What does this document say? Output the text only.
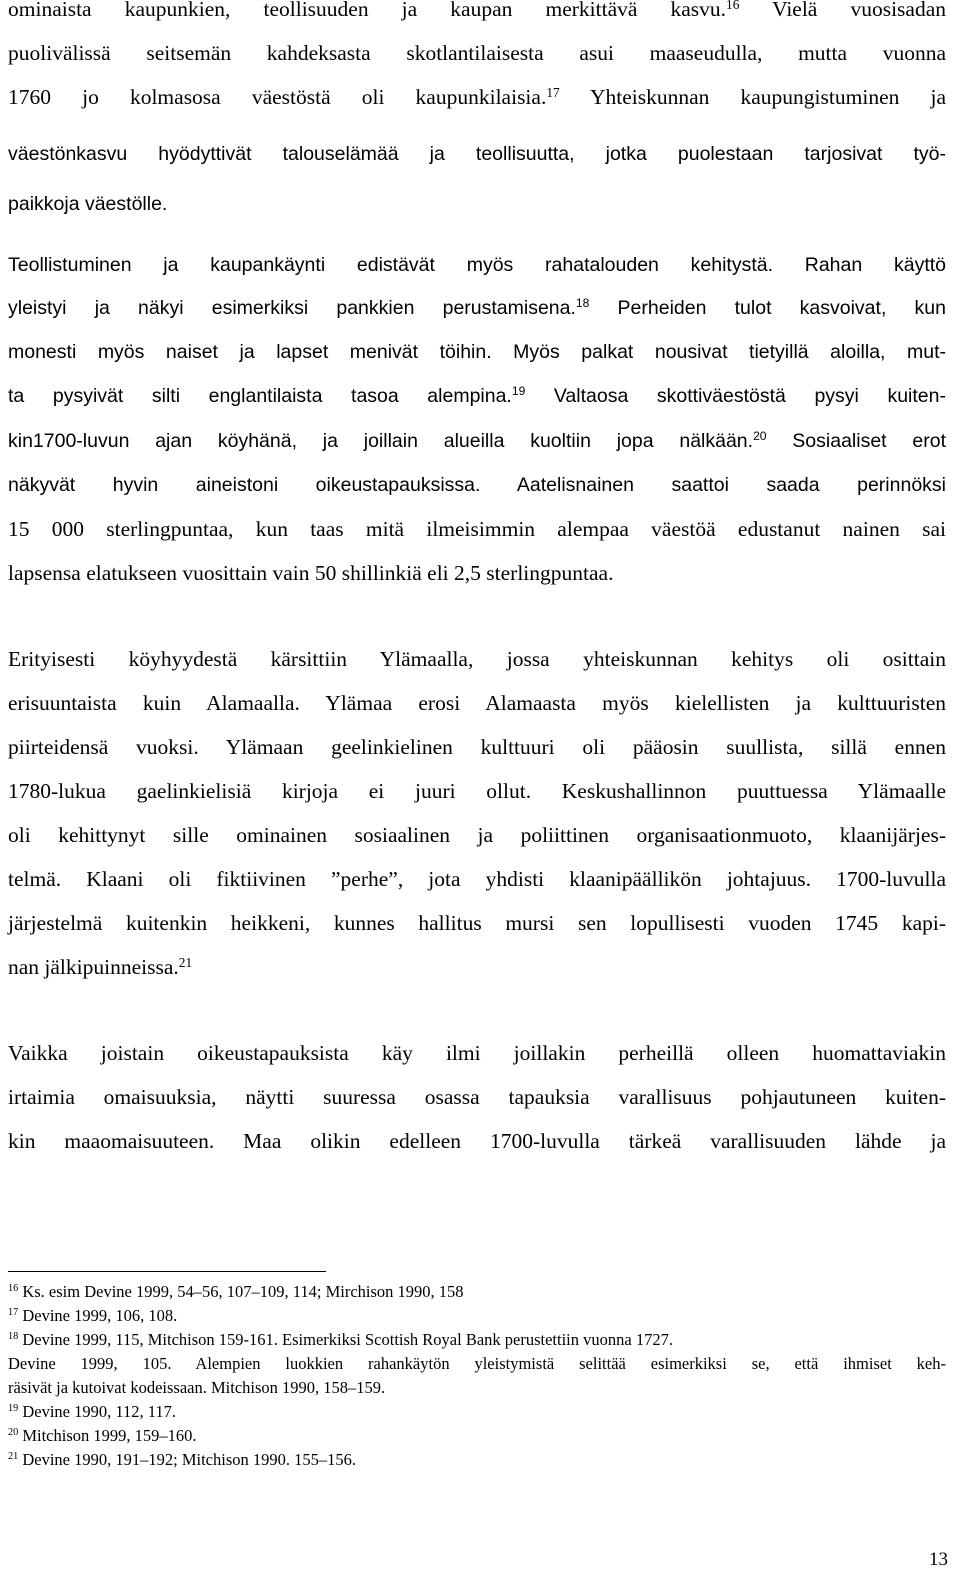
ominaista kaupunkien, teollisuuden ja kaupan merkittävä kasvu.$^{16}$ Vielä vuosisadan
puolivälissä seitsemän kahdeksasta skotlantilaisesta asui maaseudulla, mutta vuonna
1760 jo kolmasosa väestöstä oli kaupunkilaisia.$^{17}$ Yhteiskunnan kaupungistuminen ja
väestönkasvu hyödyttivät talouselämää ja teollisuutta, jotka puolestaan tarjosivat työ-
paikkoja väestölle.
Teollistuminen ja kaupankäynti edistävät myös rahatalouden kehitystä. Rahan käyttö
yleistyi ja näkyi esimerkiksi pankkien perustamisena.$^{18}$ Perheiden tulot kasvoivat, kun
monesti myös naiset ja lapset menivät töihin. Myös palkat nousivat tietyillä aloilla, mut-
ta pysyivät silti englantilaista tasoa alempina.$^{19}$ Valtaosa skottiväestöstä pysyi kuiten-
kin1700-luvun ajan köyhänä, ja joillain alueilla kuoltiin jopa nälkään.$^{20}$ Sosiaaliset erot
näkyvät hyvin aineistoni oikeustapauksissa. Aatelisnainen saattoi saada perinnöksi
15 000 sterlingpuntaa, kun taas mitä ilmeisimmin alempaa väestöä edustanut nainen sai
lapsensa elatukseen vuosittain vain 50 shillinkiä eli 2,5 sterlingpuntaa.
Erityisesti köyhyydestä kärsittiin Ylämaalla, jossa yhteiskunnan kehitys oli osittain
erisuuntaista kuin Alamaalla. Ylämaa erosi Alamaasta myös kielellisten ja kulttuuristen
piirteidensä vuoksi. Ylämaan geelinkielinen kulttuuri oli pääosin suullista, sillä ennen
1780-lukua gaelinkielisiä kirjoja ei juuri ollut. Keskushallinnon puuttuessa Ylämaalle
oli kehittynyt sille ominainen sosiaalinen ja poliittinen organisaationmuoto, klaanijärjes-
telmä. Klaani oli fiktiivinen ”perhe”, jota yhdisti klaanipäällikön johtajuus. 1700-luvulla
järjestelmä kuitenkin heikkeni, kunnes hallitus mursi sen lopullisesti vuoden 1745 kapi-
nan jälkipuinneissa.$^{21}$
Vaikka joistain oikeustapauksista käy ilmi joillakin perheillä olleen huomattaviakin
irtaimia omaisuuksia, näytti suuressa osassa tapauksia varallisuus pohjautuneen kuiten-
kin maaomaisuuteen. Maa olikin edelleen 1700-luvulla tärkeä varallisuuden lähde ja
$^{16}$ Ks. esim Devine 1999, 54–56, 107–109, 114; Mirchison 1990, 158
$^{17}$ Devine 1999, 106, 108.
$^{18}$ Devine 1999, 115, Mitchison 159-161. Esimerkiksi Scottish Royal Bank perustettiin vuonna 1727.
Devine 1999, 105. Alempien luokkien rahankäytön yleistymistä selittää esimerkiksi se, että ihmiset keh-
räsivät ja kutoivat kodeissaan. Mitchison 1990, 158–159.
$^{19}$ Devine 1990, 112, 117.
$^{20}$ Mitchison 1999, 159–160.
$^{21}$ Devine 1990, 191–192; Mitchison 1990. 155–156.
13
